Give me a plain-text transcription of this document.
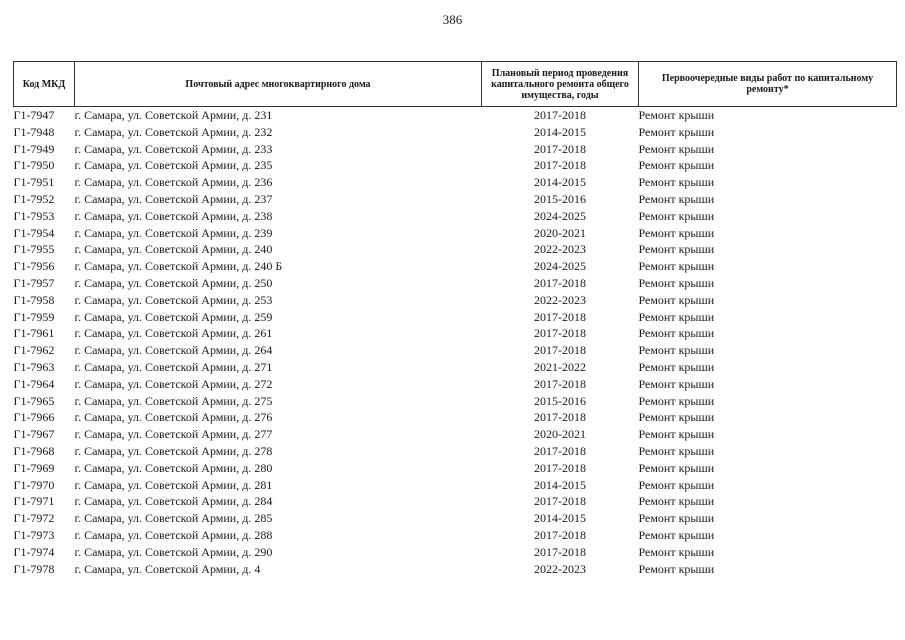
386
Код МКД	Почтовый адрес многоквартирного дома	Плановый период проведения капитального ремонта общего имущества, годы	Первоочередные виды работ по капитальному ремонту*
Г1-7947	г. Самара, ул. Советской Армии, д. 231	2017-2018	Ремонт крыши
Г1-7948	г. Самара, ул. Советской Армии, д. 232	2014-2015	Ремонт крыши
Г1-7949	г. Самара, ул. Советской Армии, д. 233	2017-2018	Ремонт крыши
Г1-7950	г. Самара, ул. Советской Армии, д. 235	2017-2018	Ремонт крыши
Г1-7951	г. Самара, ул. Советской Армии, д. 236	2014-2015	Ремонт крыши
Г1-7952	г. Самара, ул. Советской Армии, д. 237	2015-2016	Ремонт крыши
Г1-7953	г. Самара, ул. Советской Армии, д. 238	2024-2025	Ремонт крыши
Г1-7954	г. Самара, ул. Советской Армии, д. 239	2020-2021	Ремонт крыши
Г1-7955	г. Самара, ул. Советской Армии, д. 240	2022-2023	Ремонт крыши
Г1-7956	г. Самара, ул. Советской Армии, д. 240 Б	2024-2025	Ремонт крыши
Г1-7957	г. Самара, ул. Советской Армии, д. 250	2017-2018	Ремонт крыши
Г1-7958	г. Самара, ул. Советской Армии, д. 253	2022-2023	Ремонт крыши
Г1-7959	г. Самара, ул. Советской Армии, д. 259	2017-2018	Ремонт крыши
Г1-7961	г. Самара, ул. Советской Армии, д. 261	2017-2018	Ремонт крыши
Г1-7962	г. Самара, ул. Советской Армии, д. 264	2017-2018	Ремонт крыши
Г1-7963	г. Самара, ул. Советской Армии, д. 271	2021-2022	Ремонт крыши
Г1-7964	г. Самара, ул. Советской Армии, д. 272	2017-2018	Ремонт крыши
Г1-7965	г. Самара, ул. Советской Армии, д. 275	2015-2016	Ремонт крыши
Г1-7966	г. Самара, ул. Советской Армии, д. 276	2017-2018	Ремонт крыши
Г1-7967	г. Самара, ул. Советской Армии, д. 277	2020-2021	Ремонт крыши
Г1-7968	г. Самара, ул. Советской Армии, д. 278	2017-2018	Ремонт крыши
Г1-7969	г. Самара, ул. Советской Армии, д. 280	2017-2018	Ремонт крыши
Г1-7970	г. Самара, ул. Советской Армии, д. 281	2014-2015	Ремонт крыши
Г1-7971	г. Самара, ул. Советской Армии, д. 284	2017-2018	Ремонт крыши
Г1-7972	г. Самара, ул. Советской Армии, д. 285	2014-2015	Ремонт крыши
Г1-7973	г. Самара, ул. Советской Армии, д. 288	2017-2018	Ремонт крыши
Г1-7974	г. Самара, ул. Советской Армии, д. 290	2017-2018	Ремонт крыши
Г1-7978	г. Самара, ул. Советской Армии, д. 4	2022-2023	Ремонт крыши
